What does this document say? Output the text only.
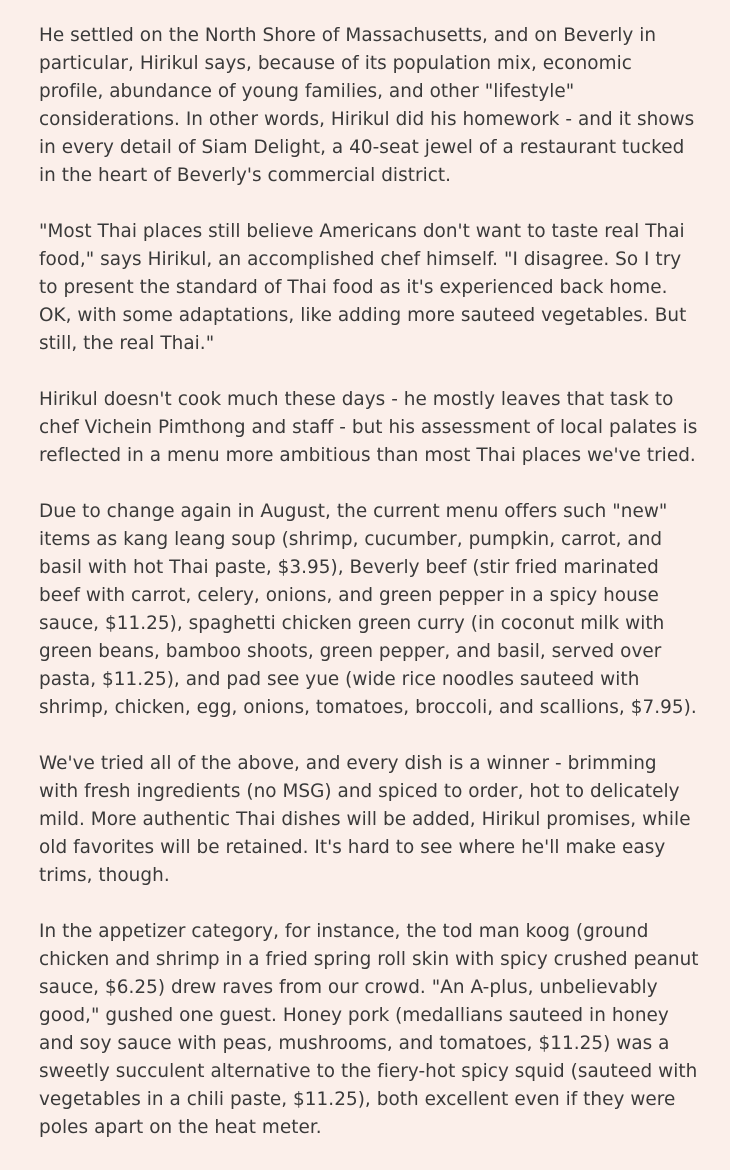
He settled on the North Shore of Massachusetts, and on Beverly in particular, Hirikul says, because of its population mix, economic profile, abundance of young families, and other "lifestyle" considerations. In other words, Hirikul did his homework - and it shows in every detail of Siam Delight, a 40-seat jewel of a restaurant tucked in the heart of Beverly's commercial district.

"Most Thai places still believe Americans don't want to taste real Thai food," says Hirikul, an accomplished chef himself. "I disagree. So I try to present the standard of Thai food as it's experienced back home. OK, with some adaptations, like adding more sauteed vegetables. But still, the real Thai."

Hirikul doesn't cook much these days - he mostly leaves that task to chef Vichein Pimthong and staff - but his assessment of local palates is reflected in a menu more ambitious than most Thai places we've tried.

Due to change again in August, the current menu offers such "new" items as kang leang soup (shrimp, cucumber, pumpkin, carrot, and basil with hot Thai paste, $3.95), Beverly beef (stir fried marinated beef with carrot, celery, onions, and green pepper in a spicy house sauce, $11.25), spaghetti chicken green curry (in coconut milk with green beans, bamboo shoots, green pepper, and basil, served over pasta, $11.25), and pad see yue (wide rice noodles sauteed with shrimp, chicken, egg, onions, tomatoes, broccoli, and scallions, $7.95).

We've tried all of the above, and every dish is a winner - brimming with fresh ingredients (no MSG) and spiced to order, hot to delicately mild. More authentic Thai dishes will be added, Hirikul promises, while old favorites will be retained. It's hard to see where he'll make easy trims, though.

In the appetizer category, for instance, the tod man koog (ground chicken and shrimp in a fried spring roll skin with spicy crushed peanut sauce, $6.25) drew raves from our crowd. "An A-plus, unbelievably good," gushed one guest. Honey pork (medallians sauteed in honey and soy sauce with peas, mushrooms, and tomatoes, $11.25) was a sweetly succulent alternative to the fiery-hot spicy squid (sauteed with vegetables in a chili paste, $11.25), both excellent even if they were poles apart on the heat meter.
